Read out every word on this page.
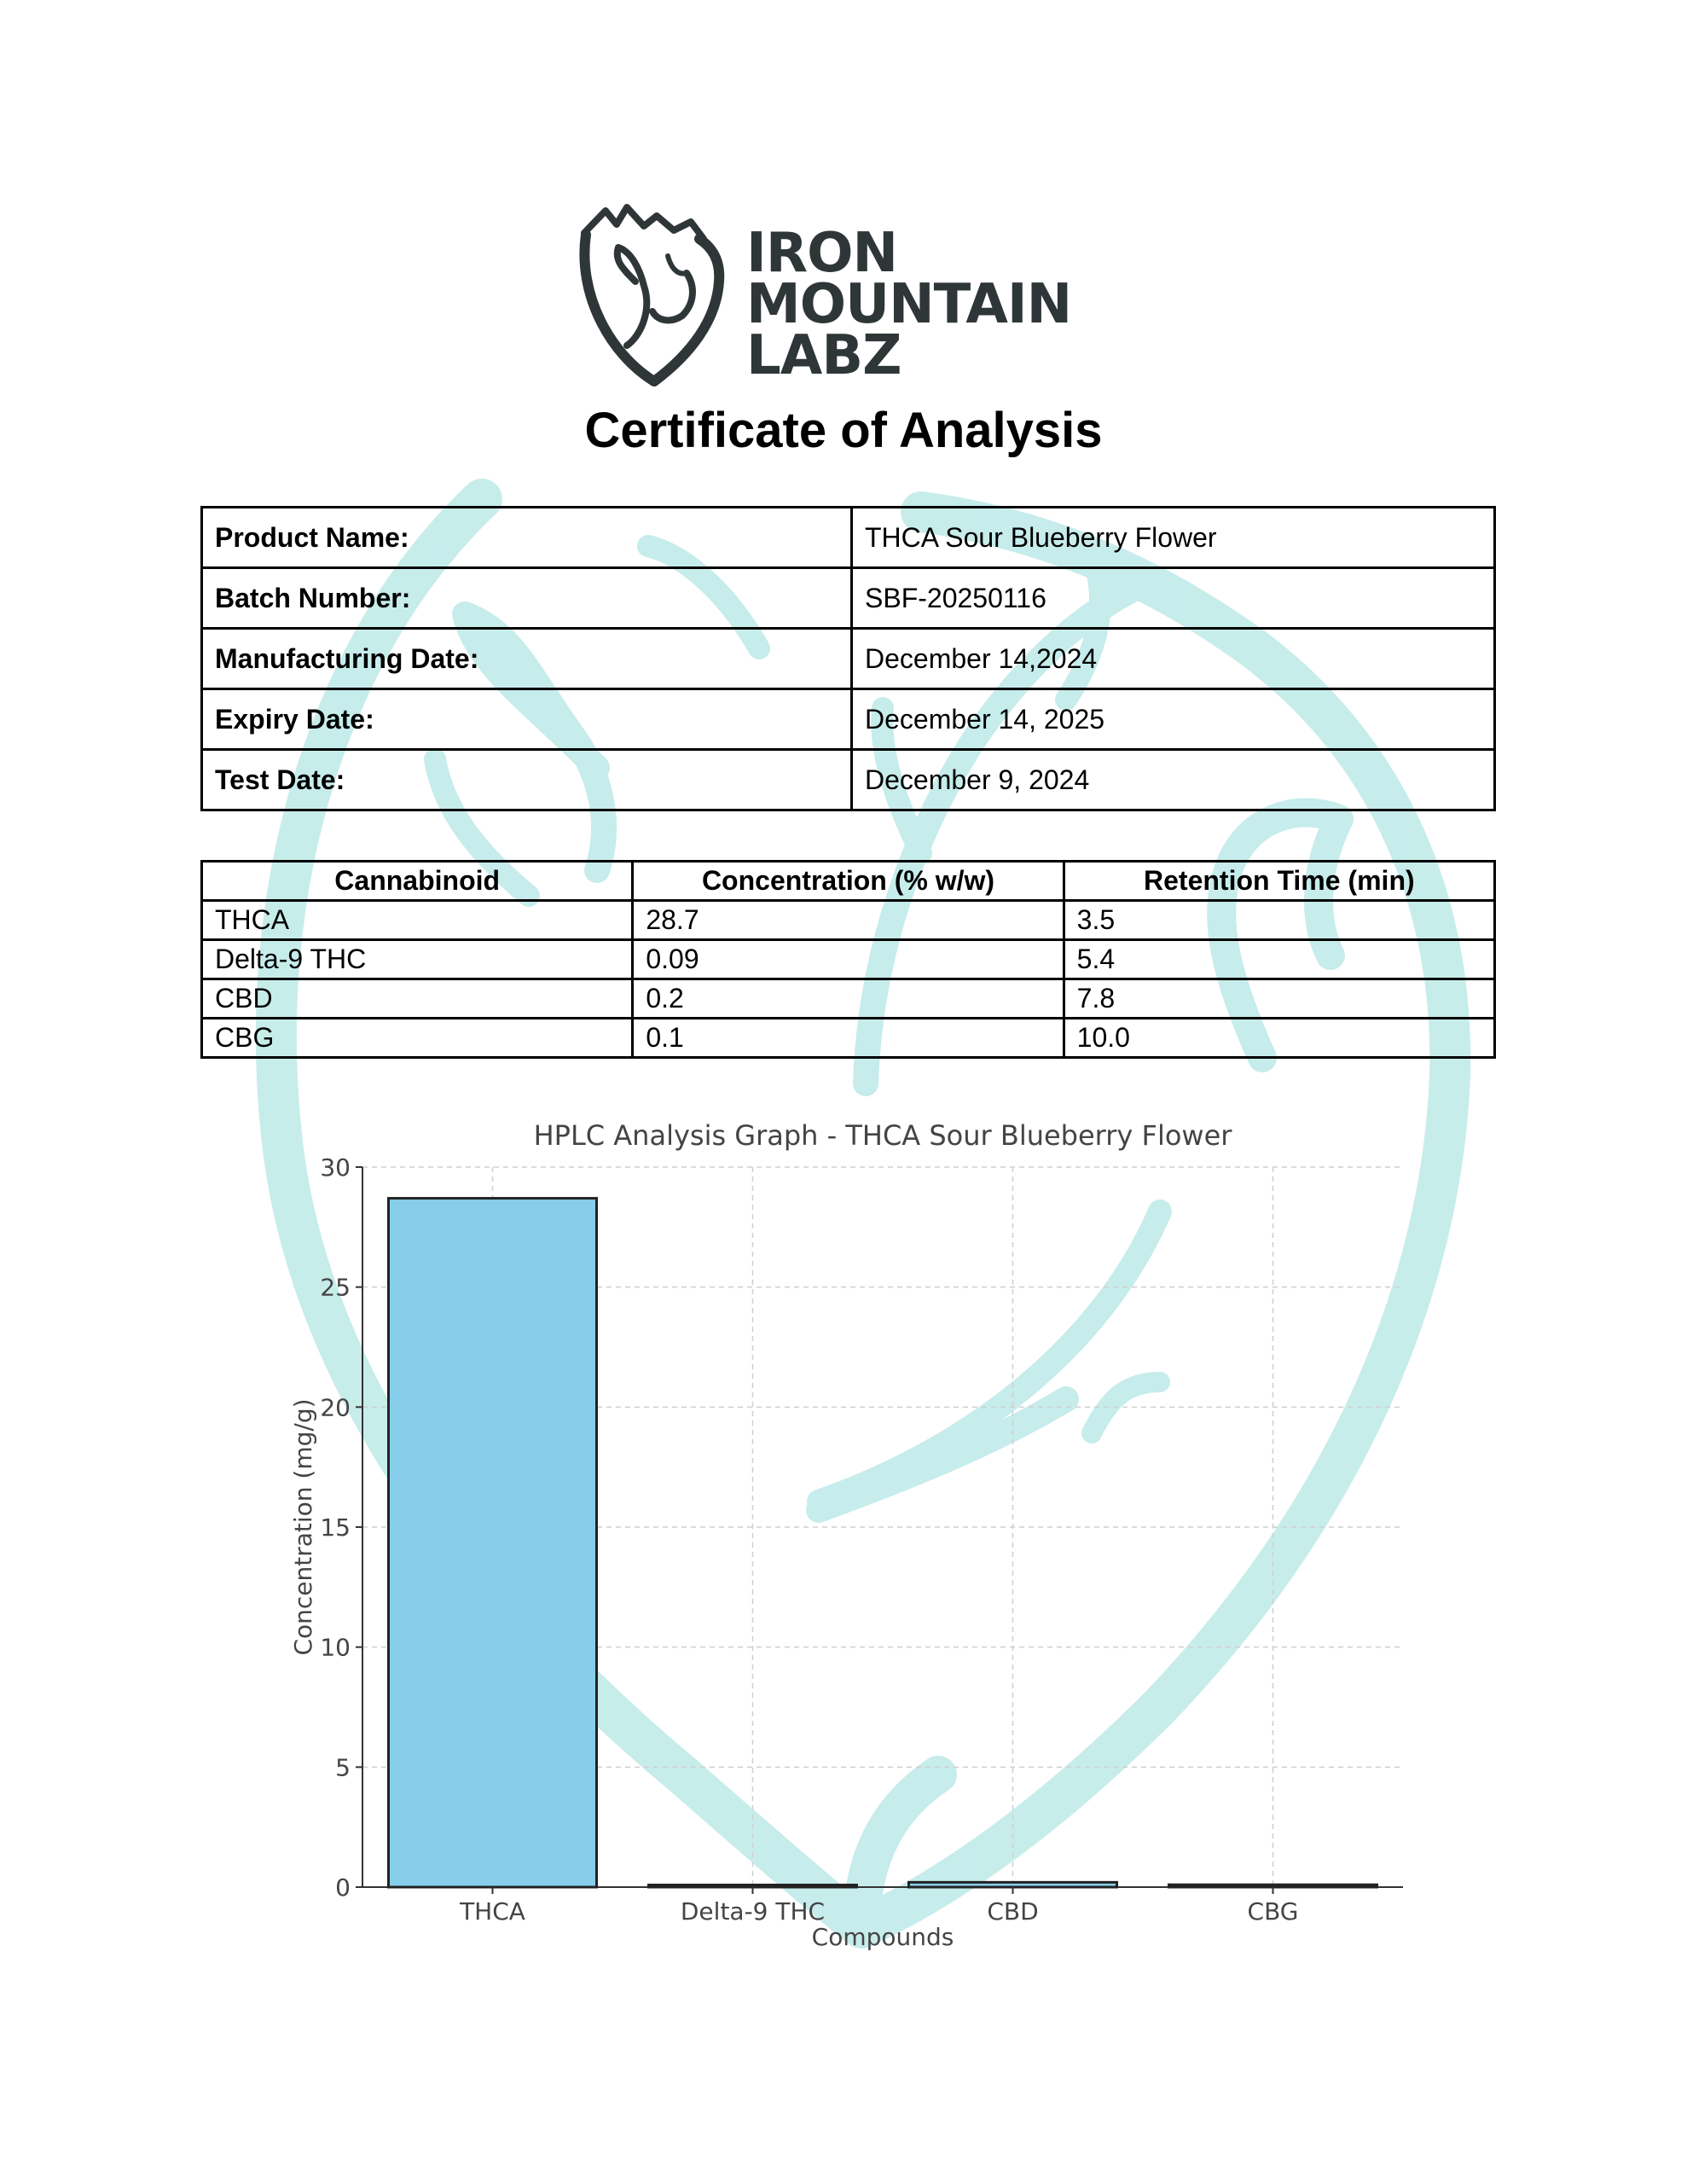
IRON
MOUNTAIN
LABZ
Certificate of Analysis
Product Name:	THCA Sour Blueberry Flower
Batch Number:	SBF-20250116
Manufacturing Date:	December 14,2024
Expiry Date:	December 14, 2025
Test Date:	December 9, 2024
Cannabinoid	Concentration (% w/w)	Retention Time (min)
THCA	28.7	3.5
Delta-9 THC	0.09	5.4
CBD	0.2	7.8
CBG	0.1	10.0
0
5
10
15
20
25
30
THCA	Delta-9 THC	CBD	CBG
HPLC Analysis Graph - THCA Sour Blueberry Flower
Compounds
Concentration (mg/g)
